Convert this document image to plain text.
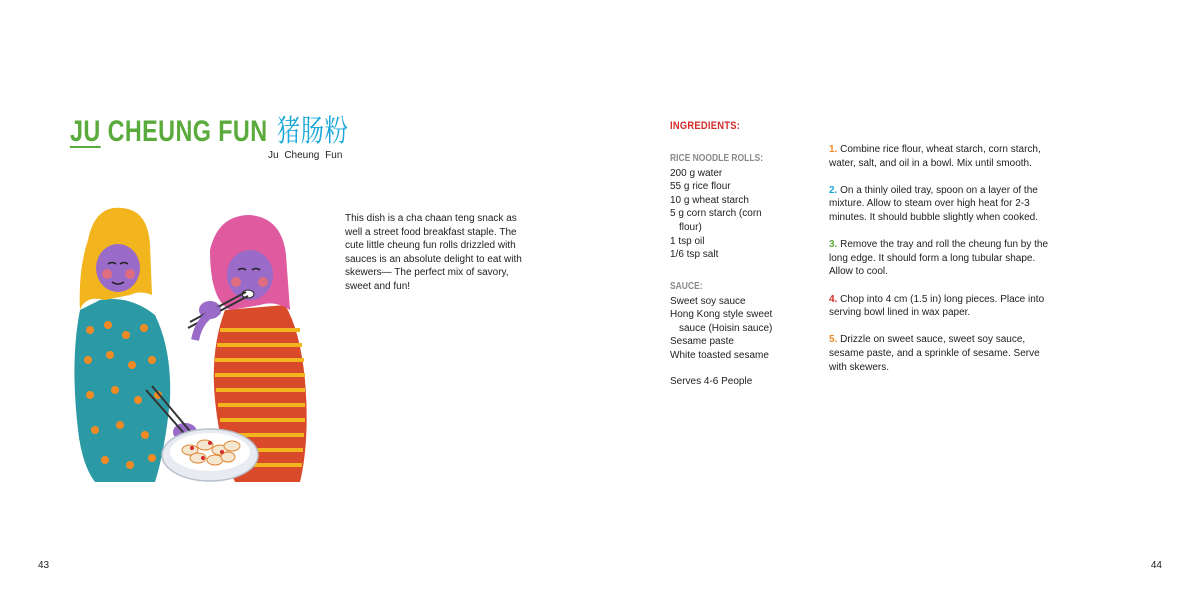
JU CHEUNG FUN 猪肠粉
Ju Cheung Fun
This dish is a cha chaan teng snack as well a street food breakfast staple. The cute little cheung fun rolls drizzled with sauces is an absolute delight to eat with skewers— The perfect mix of savory, sweet and fun!
43
INGREDIENTS:
RICE NOODLE ROLLS:
200 g water
55 g rice flour
10 g wheat starch
5 g corn starch (corn
flour)
1 tsp oil
1/6 tsp salt
SAUCE:
Sweet soy sauce
Hong Kong style sweet
sauce (Hoisin sauce)
Sesame paste
White toasted sesame
Serves 4-6 People
1. Combine rice flour, wheat starch, corn starch, water, salt, and oil in a bowl. Mix until smooth.
2. On a thinly oiled tray, spoon on a layer of the mixture. Allow to steam over high heat for 2-3 minutes. It should bubble slightly when cooked.
3. Remove the tray and roll the cheung fun by the long edge. It should form a long tubular shape. Allow to cool.
4. Chop into 4 cm (1.5 in) long pieces. Place into serving bowl lined in wax paper.
5. Drizzle on sweet sauce, sweet soy sauce, sesame paste, and a sprinkle of sesame. Serve with skewers.
44
